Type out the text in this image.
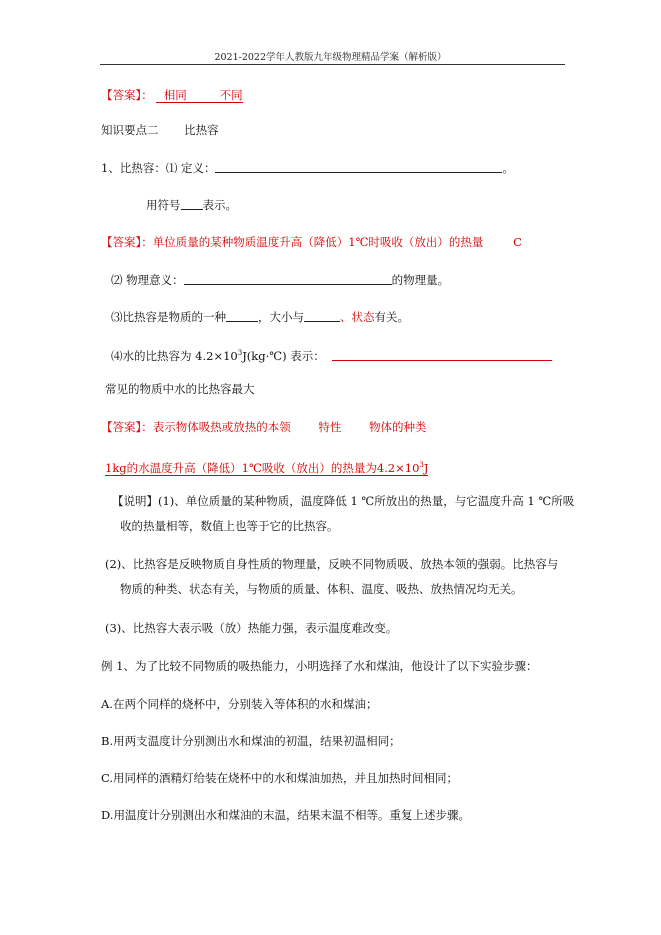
2021-2022学年人教版九年级物理精品学案（解析版）
【答案】： 相同	不同
知识要点二 比热容
1、比热容：⑴ 定义：	。
用符号 表示。
【答案】：单位质量的某种物质温度升高（降低）1℃时吸收（放出）的热量	C
⑵ 物理意义：	的物理量。
⑶比热容是物质的一种	，大小与	、状态有关。
⑷水的比热容为 $4.2\times 10^3J(kg\cdot℃)$ 表示：
常见的物质中水的比热容最大
【答案】：表示物体吸热或放热的本领 特性 物体的种类
1kg的水温度升高（降低）1℃吸收（放出）的热量为$4.2\times 10^3J$
【说明】(1)、单位质量的某种物质，温度降低 1 ℃所放出的热量，与它温度升高 1 ℃所吸
收的热量相等，数值上也等于它的比热容。
(2)、比热容是反映物质自身性质的物理量，反映不同物质吸、放热本领的强弱。比热容与
物质的种类、状态有关，与物质的质量、体积、温度、吸热、放热情况均无关。
(3)、比热容大表示吸（放）热能力强，表示温度难改变。
例 1、为了比较不同物质的吸热能力，小明选择了水和煤油，他设计了以下实验步骤：
A.在两个同样的烧杯中，分别装入等体积的水和煤油；
B.用两支温度计分别测出水和煤油的初温，结果初温相同；
C.用同样的酒精灯给装在烧杯中的水和煤油加热，并且加热时间相同；
D.用温度计分别测出水和煤油的末温，结果末温不相等。重复上述步骤。
